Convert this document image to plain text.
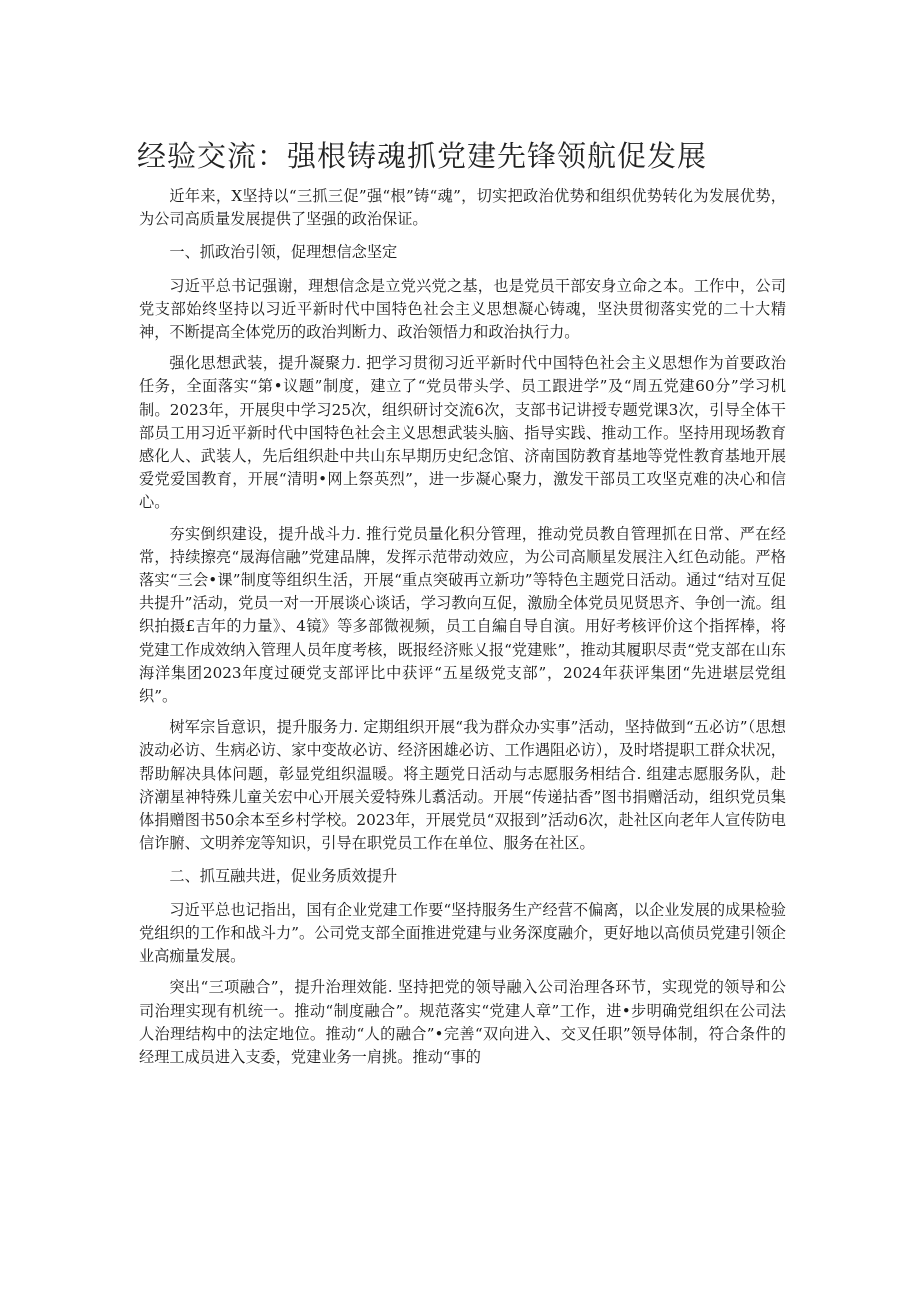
经验交流：强根铸魂抓党建先锋领航促发展

近年来，X坚持以“三抓三促”强“根”铸“魂”，切实把政治优势和组织优势转化为发展优势，为公司高质量发展提供了坚强的政治保证。

一、抓政治引领，促理想信念坚定

习近平总书记强谢，理想信念是立党兴党之基，也是党员干部安身立命之本。工作中，公司党支部始终坚持以习近平新时代中国特色社会主义思想凝心铸魂，坚決贯彻落实党的二十大精神，不断提高全体党历的政治判断力、政治领悟力和政治执行力。

强化思想武装，提升凝聚力. 把学习贯彻习近平新时代中国特色社会主义思想作为首要政治任务，全面落实“第•议题”制度，建立了“党员带头学、员工跟进学”及“周五党建60分”学习机制。2023年，开展臾中学习25次，组织研讨交流6次，支部书记讲授专题党课3次，引导全体干部员工用习近平新时代中国特色社会主义思想武装头脑、指导实践、推动工作。坚持用现场教育感化人、武装人，先后组织赴中共山东早期历史纪念馆、济南国防教育基地等党性教育基地开展爱党爱国教育，开展“清明•网上祭英烈”，进一步凝心聚力，激发干部员工攻坚克难的决心和信心。

夯实倒织建设，提升战斗力. 推行党员量化积分管理，推动党员教自管理抓在日常、严在经常，持续擦亮“晟海信融”党建品牌，发挥示范带动效应，为公司高顺星发展注入红色动能。严格落实“三会•课”制度等组织生活，开展“重点突破再立新功”等特色主题党日活动。通过“结对互促共提升”活动，党员一对一开展谈心谈话，学习教向互促，激励全体党员见贤思齐、争创一流。组织拍摄£吉年的力量》、4镜》等多部微视频，员工自編自导自演。用好考核评价这个指挥棒，将党建工作成效纳入管理人员年度考核，既报经济账乂报“党建账”，推动其履职尽责“党支部在山东海洋集团2023年度过硬党支部评比中获评“五星级党支部”，2024年获评集团“先进堪层党组织”。

树军宗旨意识，提升服务力. 定期组织开展“我为群众办实事”活动，坚持做到“五必访”（思想波动必访、生病必访、家中变故必访、经济困雄必访、工作遇阻必访），及时塔提职工群众状况，帮助解决具体问题，彰显党组织温暖。将主题党日活动与志愿服务相结合. 组建志愿服务队，赴济潮星神特殊儿童关宏中心开展关爱特殊儿翥活动。开展“传递拈香”图书捐赠活动，组织党员集体捐赠图书50余本至乡村学校。2023年，开展党员“双报到”活动6次，赴社区向老年人宣传防电信诈腑、文明养宠等知识，引导在职党员工作在单位、服务在社区。

二、抓互融共进，促业务质效提升

习近平总也记指出，国有企业党建工作要“坚持服务生产经营不偏离，以企业发展的成果检验党组织的工作和战斗力”。公司党支部全面推进党建与业务深度融介，更好地以高侦员党建引领企业高痂量发展。

突出“三项融合”，提升治理效能. 坚持把党的领导融入公司治理各环节，实现党的领导和公司治理实现有机统一。推动“制度融合”。规范落实“党建人章”工作，进•步明确党组织在公司法人治理结构中的法定地位。推动“人的融合”•完善“双向进入、交叉任职”领导体制，符合条件的经理工成员进入支委，党建业务一肩挑。推动“事的
